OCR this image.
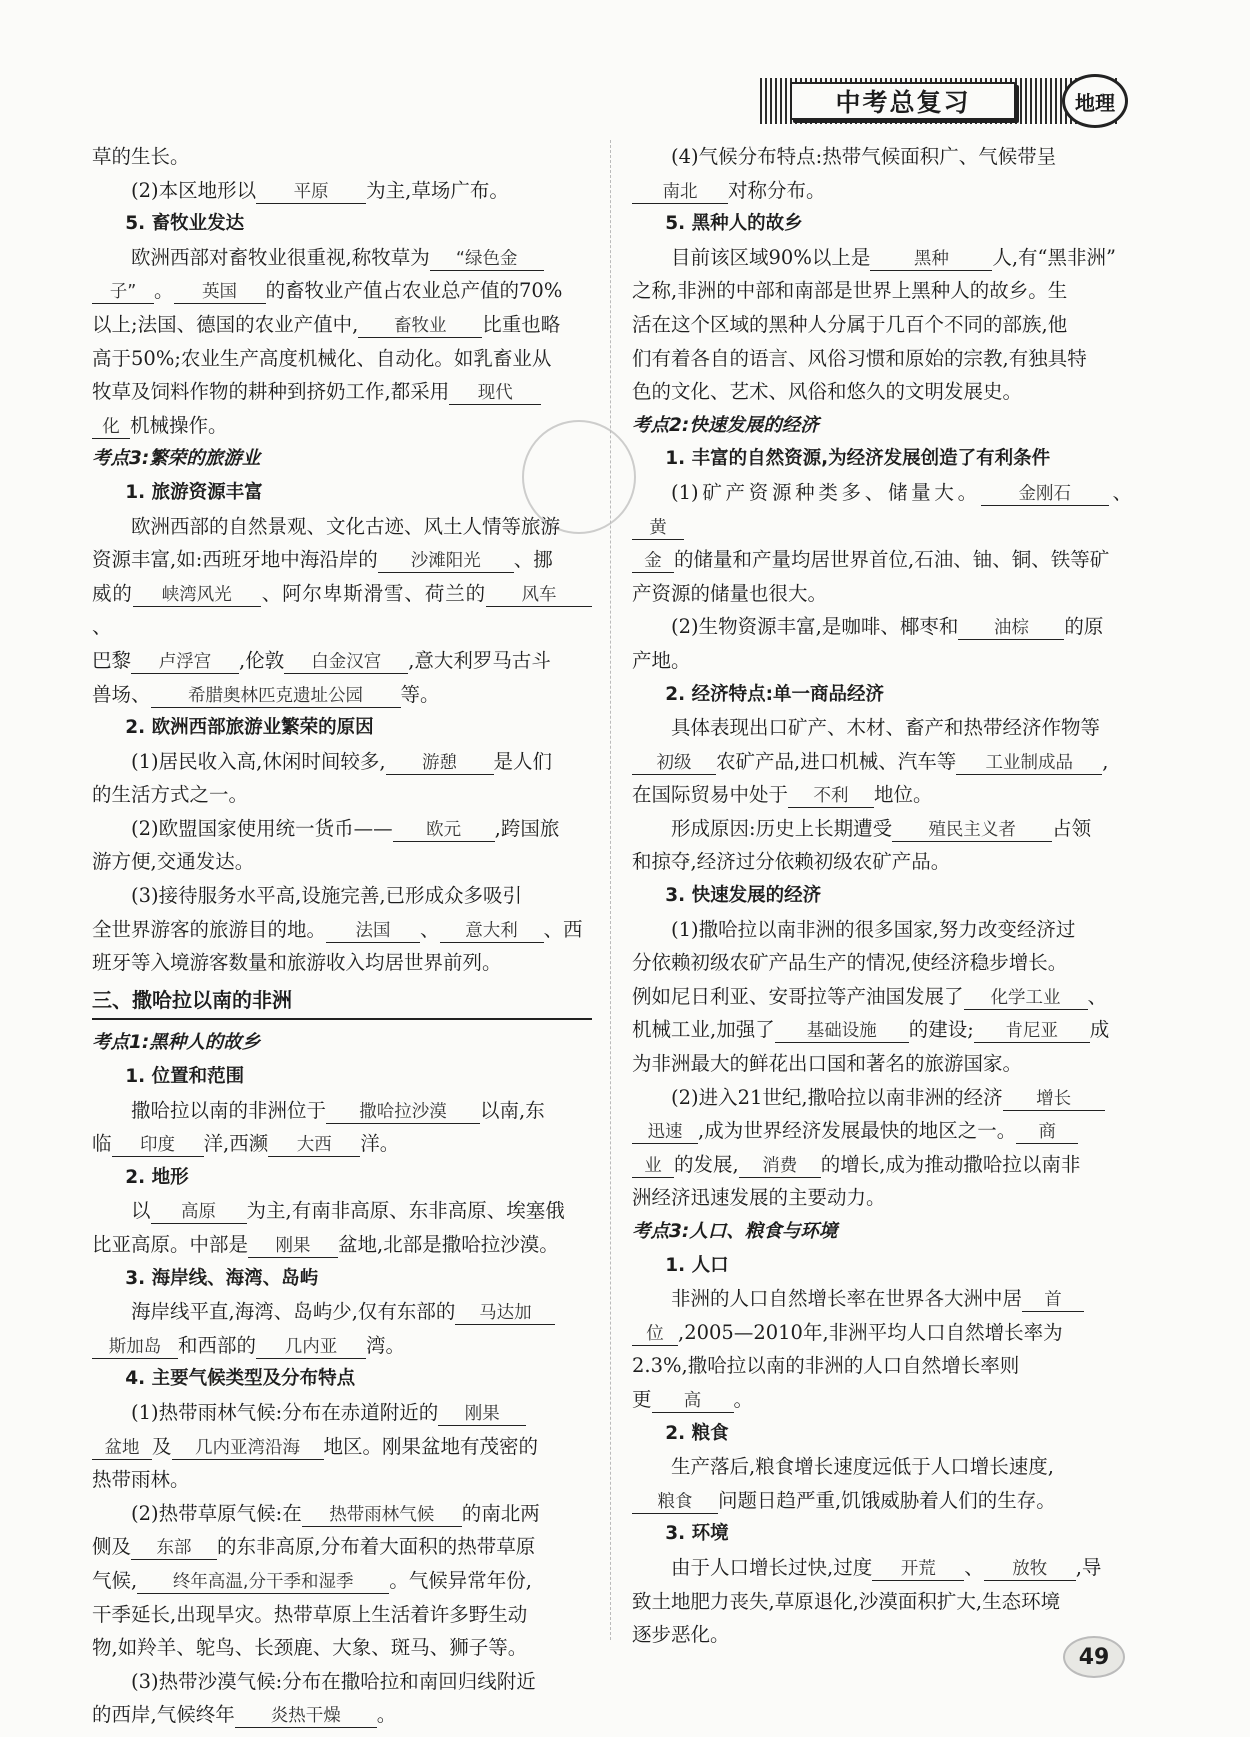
中考总复习	地理

草的生长。

(2)本区地形以 平原 为主,草场广布。

5. 畜牧业发达

欧洲西部对畜牧业很重视,称牧草为 “绿色金

子” 。 英国 的畜牧业产值占农业总产值的70%

以上;法国、德国的农业产值中, 畜牧业 比重也略

高于50%;农业生产高度机械化、自动化。如乳畜业从

牧草及饲料作物的耕种到挤奶工作,都采用 现代

化 机械操作。

考点3:繁荣的旅游业

1. 旅游资源丰富

欧洲西部的自然景观、文化古迹、风土人情等旅游

资源丰富,如:西班牙地中海沿岸的 沙滩阳光 、挪

威的 峡湾风光 、阿尔卑斯滑雪、荷兰的 风车、

巴黎 卢浮宫 ,伦敦 白金汉宫 ,意大利罗马古斗

兽场、 希腊奥林匹克遗址公园 等。

2. 欧洲西部旅游业繁荣的原因

(1)居民收入高,休闲时间较多, 游憩 是人们

的生活方式之一。

(2)欧盟国家使用统一货币—— 欧元 ,跨国旅

游方便,交通发达。

(3)接待服务水平高,设施完善,已形成众多吸引

全世界游客的旅游目的地。 法国 、 意大利 、西

班牙等入境游客数量和旅游收入均居世界前列。

三、撒哈拉以南的非洲

考点1:黑种人的故乡

1. 位置和范围

撒哈拉以南的非洲位于 撒哈拉沙漠 以南,东

临 印度 洋,西濒 大西 洋。

2. 地形

以 高原 为主,有南非高原、东非高原、埃塞俄

比亚高原。中部是 刚果 盆地,北部是撒哈拉沙漠。

3. 海岸线、海湾、岛屿

海岸线平直,海湾、岛屿少,仅有东部的 马达加

斯加岛 和西部的 几内亚 湾。

4. 主要气候类型及分布特点

(1)热带雨林气候:分布在赤道附近的 刚果

盆地 及 几内亚湾沿海 地区。刚果盆地有茂密的

热带雨林。

(2)热带草原气候:在 热带雨林气候 的南北两

侧及 东部 的东非高原,分布着大面积的热带草原

气候, 终年高温,分干季和湿季 。气候异常年份,

干季延长,出现旱灾。热带草原上生活着许多野生动

物,如羚羊、鸵鸟、长颈鹿、大象、斑马、狮子等。

(3)热带沙漠气候:分布在撒哈拉和南回归线附近

的西岸,气候终年 炎热干燥 。

(4)气候分布特点:热带气候面积广、气候带呈

南北 对称分布。

5. 黑种人的故乡

目前该区域90%以上是 黑种 人,有“黑非洲”

之称,非洲的中部和南部是世界上黑种人的故乡。生

活在这个区域的黑种人分属于几百个不同的部族,他

们有着各自的语言、风俗习惯和原始的宗教,有独具特

色的文化、艺术、风俗和悠久的文明发展史。

考点2:快速发展的经济

1. 丰富的自然资源,为经济发展创造了有利条件

(1)矿产资源种类多、储量大。 金刚石 、黄

金 的储量和产量均居世界首位,石油、铀、铜、铁等矿

产资源的储量也很大。

(2)生物资源丰富,是咖啡、椰枣和 油棕 的原

产地。

2. 经济特点:单一商品经济

具体表现出口矿产、木材、畜产和热带经济作物等

初级 农矿产品,进口机械、汽车等 工业制成品 ,

在国际贸易中处于 不利 地位。

形成原因:历史上长期遭受 殖民主义者 占领

和掠夺,经济过分依赖初级农矿产品。

3. 快速发展的经济

(1)撒哈拉以南非洲的很多国家,努力改变经济过

分依赖初级农矿产品生产的情况,使经济稳步增长。

例如尼日利亚、安哥拉等产油国发展了 化学工业 、

机械工业,加强了 基础设施 的建设; 肯尼亚 成

为非洲最大的鲜花出口国和著名的旅游国家。

(2)进入21世纪,撒哈拉以南非洲的经济 增长

迅速 ,成为世界经济发展最快的地区之一。 商

业 的发展, 消费 的增长,成为推动撒哈拉以南非

洲经济迅速发展的主要动力。

考点3:人口、粮食与环境

1. 人口

非洲的人口自然增长率在世界各大洲中居 首

位 ,2005—2010年,非洲平均人口自然增长率为

2.3%,撒哈拉以南的非洲的人口自然增长率则

更 高 。

2. 粮食

生产落后,粮食增长速度远低于人口增长速度,

粮食 问题日趋严重,饥饿威胁着人们的生存。

3. 环境

由于人口增长过快,过度 开荒 、 放牧 ,导

致土地肥力丧失,草原退化,沙漠面积扩大,生态环境

逐步恶化。

49
